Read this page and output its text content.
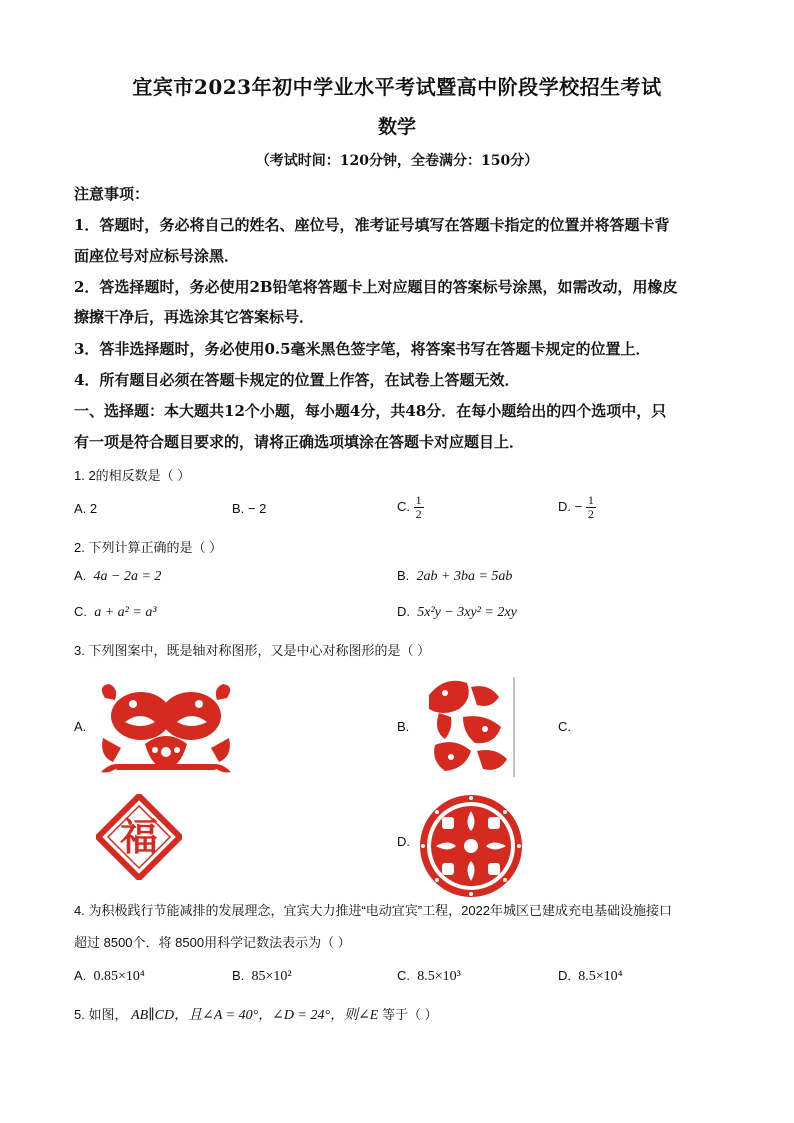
宜宾市2023年初中学业水平考试暨高中阶段学校招生考试
数学
（考试时间：120分钟，全卷满分：150分）
注意事项：
1．答题时，务必将自己的姓名、座位号，准考证号填写在答题卡指定的位置并将答题卡背
面座位号对应标号涂黑．
2．答选择题时，务必使用2B铅笔将答题卡上对应题目的答案标号涂黑，如需改动，用橡皮
擦擦干净后，再选涂其它答案标号．
3．答非选择题时，务必使用0.5毫米黑色签字笔，将答案书写在答题卡规定的位置上．
4．所有题目必须在答题卡规定的位置上作答，在试卷上答题无效．
一、选择题：本大题共12个小题，每小题4分，共48分．在每小题给出的四个选项中，只
有一项是符合题目要求的，请将正确选项填涂在答题卡对应题目上．
1. 2的相反数是（ ）
A. 2	B. − 2	C. $\frac{1}{2}$	D. − $\frac{1}{2}$
2. 下列计算正确的是（ ）
A. 4a − 2a = 2	B. 2ab + 3ba = 5ab
C. a + a² = a³	D. 5x²y − 3xy² = 2xy
3. 下列图案中，既是轴对称图形，又是中心对称图形的是（ ）
A.	B.	C.
D.
福
4. 为积极践行节能减排的发展理念，宜宾大力推进“电动宜宾”工程，2022年城区已建成充电基础设施接口
超过 8500个．将 8500用科学记数法表示为（ ）
A. 0.85×10⁴	B. 85×10²	C. 8.5×10³	D. 8.5×10⁴
5. 如图， AB∥CD，且∠A = 40°，∠D = 24°，则∠E 等于（ ）
